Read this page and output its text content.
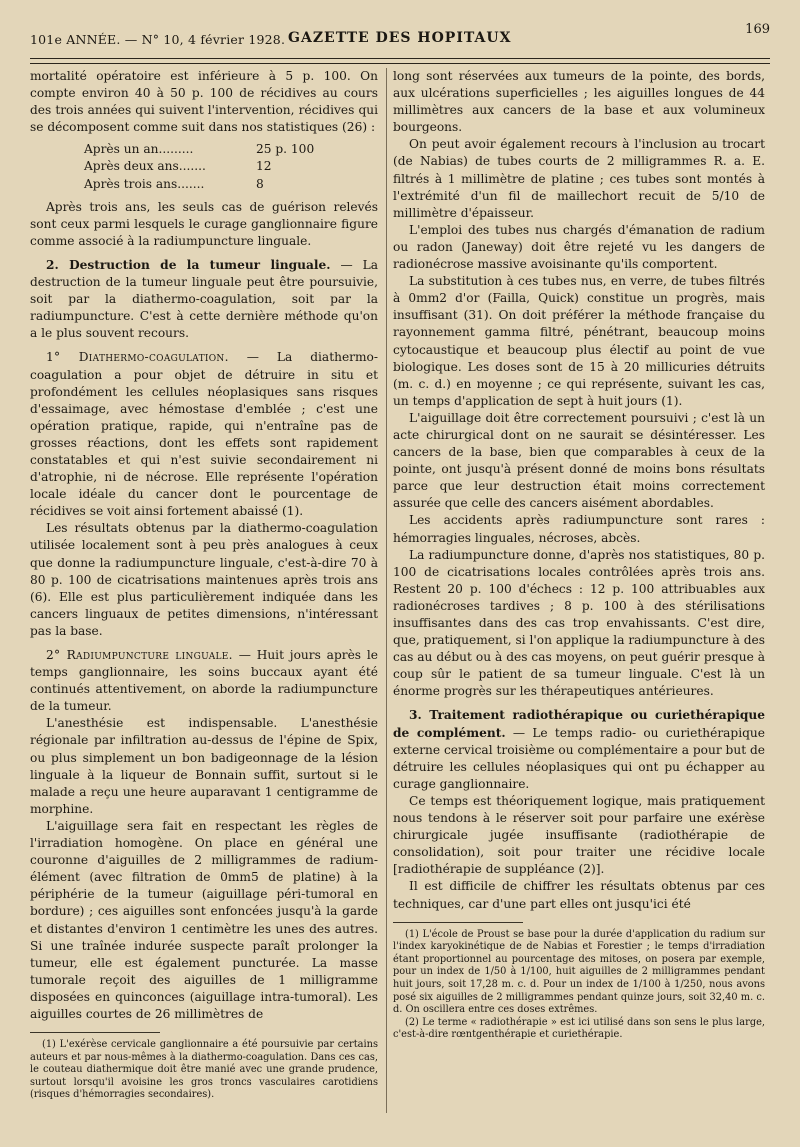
101e ANNÉE. — N° 10, 4 février 1928. GAZETTE DES HOPITAUX
169

mortalité opératoire est inférieure à 5 p. 100. On compte environ 40 à 50 p. 100 de récidives au cours des trois années qui suivent l'intervention, récidives qui se décomposent comme suit dans nos statistiques (26) :

Après un an.........	25 p. 100
Après deux ans.......	12
Après trois ans.......	8

Après trois ans, les seuls cas de guérison relevés sont ceux parmi lesquels le curage ganglionnaire figure comme associé à la radiumpuncture linguale.

2. Destruction de la tumeur linguale. — La destruction de la tumeur linguale peut être poursuivie, soit par la diathermo-coagulation, soit par la radiumpuncture. C'est à cette dernière méthode qu'on a le plus souvent recours.

1° Diathermo-coagulation. — La diathermo-coagulation a pour objet de détruire in situ et profondément les cellules néoplasiques sans risques d'essaimage, avec hémostase d'emblée ; c'est une opération pratique, rapide, qui n'entraîne pas de grosses réactions, dont les effets sont rapidement constatables et qui n'est suivie secondairement ni d'atrophie, ni de nécrose. Elle représente l'opération locale idéale du cancer dont le pourcentage de récidives se voit ainsi fortement abaissé (1).

Les résultats obtenus par la diathermo-coagulation utilisée localement sont à peu près analogues à ceux que donne la radiumpuncture linguale, c'est-à-dire 70 à 80 p. 100 de cicatrisations maintenues après trois ans (6). Elle est plus particulièrement indiquée dans les cancers linguaux de petites dimensions, n'intéressant pas la base.

2° Radiumpuncture linguale. — Huit jours après le temps ganglionnaire, les soins buccaux ayant été continués attentivement, on aborde la radiumpuncture de la tumeur.

L'anesthésie est indispensable. L'anesthésie régionale par infiltration au-dessus de l'épine de Spix, ou plus simplement un bon badigeonnage de la lésion linguale à la liqueur de Bonnain suffit, surtout si le malade a reçu une heure auparavant 1 centigramme de morphine.

L'aiguillage sera fait en respectant les règles de l'irradiation homogène. On place en général une couronne d'aiguilles de 2 milligrammes de radium-élément (avec filtration de 0mm5 de platine) à la périphérie de la tumeur (aiguillage péri-tumoral en bordure) ; ces aiguilles sont enfoncées jusqu'à la garde et distantes d'environ 1 centimètre les unes des autres. Si une traînée indurée suspecte paraît prolonger la tumeur, elle est également puncturée. La masse tumorale reçoit des aiguilles de 1 milligramme disposées en quinconces (aiguillage intra-tumoral). Les aiguilles courtes de 26 millimètres de

(1) L'exérèse cervicale ganglionnaire a été poursuivie par certains auteurs et par nous-mêmes à la diathermo-coagulation. Dans ces cas, le couteau diathermique doit être manié avec une grande prudence, surtout lorsqu'il avoisine les gros troncs vasculaires carotidiens (risques d'hémorragies secondaires).

long sont réservées aux tumeurs de la pointe, des bords, aux ulcérations superficielles ; les aiguilles longues de 44 millimètres aux cancers de la base et aux volumineux bourgeons.

On peut avoir également recours à l'inclusion au trocart (de Nabias) de tubes courts de 2 milligrammes R. a. E. filtrés à 1 millimètre de platine ; ces tubes sont montés à l'extrémité d'un fil de maillechort recuit de 5/10 de millimètre d'épaisseur.

L'emploi des tubes nus chargés d'émanation de radium ou radon (Janeway) doit être rejeté vu les dangers de radionécrose massive avoisinante qu'ils comportent.

La substitution à ces tubes nus, en verre, de tubes filtrés à 0mm2 d'or (Failla, Quick) constitue un progrès, mais insuffisant (31). On doit préférer la méthode française du rayonnement gamma filtré, pénétrant, beaucoup moins cytocaustique et beaucoup plus électif au point de vue biologique. Les doses sont de 15 à 20 millicuries détruits (m. c. d.) en moyenne ; ce qui représente, suivant les cas, un temps d'application de sept à huit jours (1).

L'aiguillage doit être correctement poursuivi ; c'est là un acte chirurgical dont on ne saurait se désintéresser. Les cancers de la base, bien que comparables à ceux de la pointe, ont jusqu'à présent donné de moins bons résultats parce que leur destruction était moins correctement assurée que celle des cancers aisément abordables.

Les accidents après radiumpuncture sont rares : hémorragies linguales, nécroses, abcès.

La radiumpuncture donne, d'après nos statistiques, 80 p. 100 de cicatrisations locales contrôlées après trois ans. Restent 20 p. 100 d'échecs : 12 p. 100 attribuables aux radionécroses tardives ; 8 p. 100 à des stérilisations insuffisantes dans des cas trop envahissants. C'est dire, que, pratiquement, si l'on applique la radiumpuncture à des cas au début ou à des cas moyens, on peut guérir presque à coup sûr le patient de sa tumeur linguale. C'est là un énorme progrès sur les thérapeutiques antérieures.

3. Traitement radiothérapique ou curiethérapique de complément. — Le temps radio- ou curiethérapique externe cervical troisième ou complémentaire a pour but de détruire les cellules néoplasiques qui ont pu échapper au curage ganglionnaire.

Ce temps est théoriquement logique, mais pratiquement nous tendons à le réserver soit pour parfaire une exérèse chirurgicale jugée insuffisante (radiothérapie de consolidation), soit pour traiter une récidive locale [radiothérapie de suppléance (2)].

Il est difficile de chiffrer les résultats obtenus par ces techniques, car d'une part elles ont jusqu'ici été

(1) L'école de Proust se base pour la durée d'application du radium sur l'index karyokinétique de de Nabias et Forestier ; le temps d'irradiation étant proportionnel au pourcentage des mitoses, on posera par exemple, pour un index de 1/50 à 1/100, huit aiguilles de 2 milligrammes pendant huit jours, soit 17,28 m. c. d. Pour un index de 1/100 à 1/250, nous avons posé six aiguilles de 2 milligrammes pendant quinze jours, soit 32,40 m. c. d. On oscillera entre ces doses extrêmes.

(2) Le terme « radiothérapie » est ici utilisé dans son sens le plus large, c'est-à-dire rœntgenthérapie et curiethérapie.
